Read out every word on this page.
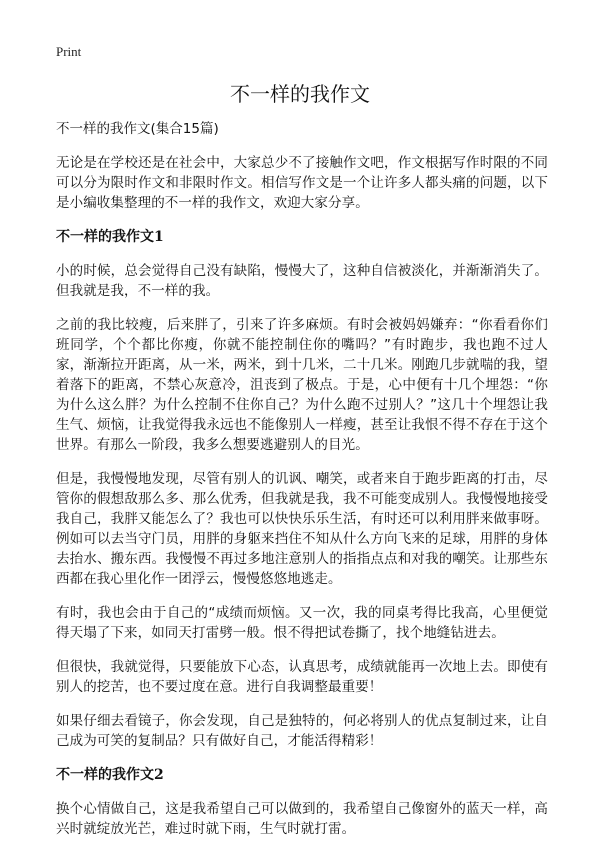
Print
不一样的我作文

不一样的我作文(集合15篇)

无论是在学校还是在社会中，大家总少不了接触作文吧，作文根据写作时限的不同可以分为限时作文和非限时作文。相信写作文是一个让许多人都头痛的问题，以下是小编收集整理的不一样的我作文，欢迎大家分享。

不一样的我作文1

小的时候，总会觉得自己没有缺陷，慢慢大了，这种自信被淡化，并渐渐消失了。但我就是我，不一样的我。

之前的我比较瘦，后来胖了，引来了许多麻烦。有时会被妈妈嫌弃：“你看看你们班同学，个个都比你瘦，你就不能控制住你的嘴吗？”有时跑步，我也跑不过人家，渐渐拉开距离，从一米，两米，到十几米，二十几米。刚跑几步就喘的我，望着落下的距离，不禁心灰意冷，沮丧到了极点。于是，心中便有十几个埋怨：“你为什么这么胖？为什么控制不住你自己？为什么跑不过别人？”这几十个埋怨让我生气、烦恼，让我觉得我永远也不能像别人一样瘦，甚至让我恨不得不存在于这个世界。有那么一阶段，我多么想要逃避别人的目光。

但是，我慢慢地发现，尽管有别人的讥讽、嘲笑，或者来自于跑步距离的打击，尽管你的假想敌那么多、那么优秀，但我就是我，我不可能变成别人。我慢慢地接受我自己，我胖又能怎么了？我也可以快快乐乐生活，有时还可以利用胖来做事呀。例如可以去当守门员，用胖的身躯来挡住不知从什么方向飞来的足球，用胖的身体去抬水、搬东西。我慢慢不再过多地注意别人的指指点点和对我的嘲笑。让那些东西都在我心里化作一团浮云，慢慢悠悠地逃走。

有时，我也会由于自己的“成绩而烦恼。又一次，我的同桌考得比我高，心里便觉得天塌了下来，如同天打雷劈一般。恨不得把试卷撕了，找个地缝钻进去。

但很快，我就觉得，只要能放下心态，认真思考，成绩就能再一次地上去。即使有别人的挖苦，也不要过度在意。进行自我调整最重要！

如果仔细去看镜子，你会发现，自己是独特的，何必将别人的优点复制过来，让自己成为可笑的复制品？只有做好自己，才能活得精彩！

不一样的我作文2

换个心情做自己，这是我希望自己可以做到的，我希望自己像窗外的蓝天一样，高兴时就绽放光芒，难过时就下雨，生气时就打雷。
